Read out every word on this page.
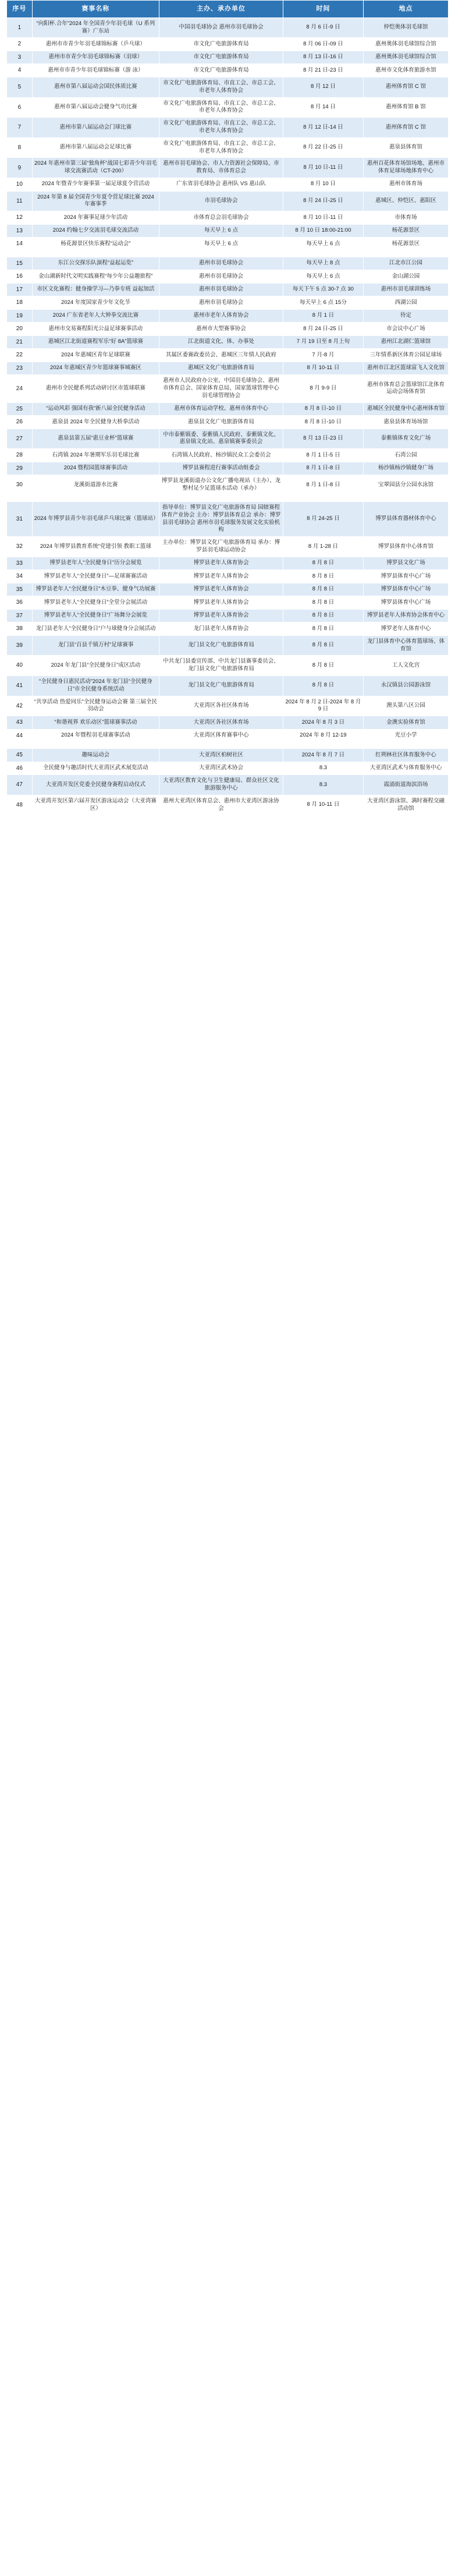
序号	赛事名称	主办、承办单位	时间	地点
1	“向阳杯.合年”2024 年全国青少年羽毛球（U 系列赛）广东站	中国羽毛球协会 惠州市羽毛球协会	8 月 6 日-9 日	仲恺奥体羽毛球馆
2	惠州市市青少年羽毛球锦标赛（乒乓球）	市文化广电旅游体育局	8 月 06 日-09 日	惠州奥体羽毛球馆综合馆
3	惠州市市青少年羽毛球锦标赛（羽球）	市文化广电旅游体育局	8 月 13 日-16 日	惠州奥体羽毛球馆综合馆
4	惠州市市青少年羽毛球锦标赛（游 泳）	市文化广电旅游体育局	8 月 21 日-23 日	惠州市文化体育旅游水馆
5	惠州市第八届运动会国民体质比赛	市文化广电旅游体育局、市直工会、市总工会、市老年人体育协会	8 月 12 日	惠州体育馆 C 馆
6	惠州市第八届运动会健身气功比赛	市文化广电旅游体育局、市直工会、市总工会、市老年人体育协会	8 月 14 日	惠州体育馆 B 馆
7	惠州市第八届运动会门球比赛	市文化广电旅游体育局、市直工会、市总工会、市老年人体育协会	8 月 12 日-14 日	惠州体育馆 C 馆
8	惠州市第八届运动会足球比赛	市文化广电旅游体育局、市直工会、市总工会、市老年人体育协会	8 月 22 日-25 日	惠泉县体育馆
9	2024 年惠州市第三届“独角杯”战国七彩青少年羽毛球交流赛活动（CT-200）	惠州市羽毛球协会、市人力资源社会保障局、市教育局、市体育总会	8 月 10 日-11 日	惠州百花体育场馆场地、惠州市体育足球场地体育中心
10	2024 年暨青少年赛事第一届足球夏令营活动	广东省羽毛球协会 惠州队 VS 惠山队	8 月 10 日	惠州市体育场
11	2024 年第 8 届全国青少年夏令营足球比赛 2024 年赛事季	市羽毛球协会	8 月 24 日-25 日	惠城区、仲恺区、惠阳区
12	2024 年赛事足球少年活动	市体育总会羽毛球协会	8 月 10 日-11 日	市体育场
13	2024 约翰七夕交流羽毛球交流活动	每天早上 6 点	8 月 10 日 18:00-21:00	杨花源景区
14	杨花源景区快乐赛程“运动会”	每天早上 6 点	每天早上 6 点	杨花源景区
15	东江公交探乐队演程“益起运览”	惠州市羽毛球协会	每天早上 8 点	江北市江公园
16	金山湖新时代文明实践赛程“每少年公益趣旅程”	惠州市羽毛球协会	每天早上 6 点	金山湖公园
17	市区文化赛程：健身操学习—乃拳专班 益起加活	惠州市羽毛球协会	每天下午 5 点 30-7 点 30	惠州市羽毛球训练场
18	2024 年度国家青少年文化节	惠州市羽毛球协会	每天早上 6 点 15分	西湖公园
19	2024 广东省老年人大钟拳交流比赛	惠州市老年人体育协会	8 月 1 日	待定
20	惠州市交易赛程阳光公益足球赛事活动	惠州市大型赛事协会	8 月 24 日-25 日	市会议中心广场
21	惠城区江北街道赛程军乐“好 8A”篮球赛	江北街道文化、体、办事处	7 月 19 日至 8 月上旬	惠州江北湖仁篮球馆
22	2024 年惠城区青年足球联赛	其属区委赛政委员会、惠城区三年情人民政府	7 月-8 月	三年情系新区体育公园足球场
23	2024 年惠城区青少年篮球赛事城赛区	惠城区文化广电旅游体育局	8 月 10-11 日	惠州市江北区篮球富飞人文化馆
24	惠州市全民健系列活动研讨区市篮球联赛	惠州市人民政府办公室、中国羽毛球协会、惠州市体育总会、国家体育总局、国家篮球管理中心羽毛球管理协会	8 月 9-9 日	惠州市体育总会篮球馆江北体育运动会场体育馆
25	“运动风彩 强国有我”新八届全民健身活动	惠州市体育运动学校、惠州市体育中心	8 月 8 日-10 日	惠城区全民健身中心惠州体育馆
26	惠泉县 2024 年全民健身大桥拳活动	惠泉县文化广电旅游体育局	8 月 8 日-10 日	惠泉县体育场场馆
27	惠泉县第五届“惠豆业杯”篮球赛	中市泰紫镇委、泰紫镇人民政府、泰紫镇文化、惠泉镇文化站、惠泉镇赛事委员会	8 月 13 日-23 日	泰紫镇体育文化广场
28	石湾镇 2024 年暑期军乐羽毛球比赛	石湾镇人民政府、杨沙镇民众工会委员会	8 月 1 日-5 日	石湾公园
29	2024 暨程园篮球赛事活动	博罗县赛程进行赛事活动组委会	8 月 1 日-8 日	杨沙镇杨沙镇健身广场
30	龙溪街道游水比赛	博罗县龙溪街道办公文化广播电视站（主办）、龙整村足少足篮球水活动（承办）	8 月 1 日-8 日	宝翠园县分公园水泳馆
31	2024 年博罗县青少年羽毛球乒乓球比赛（篮球站）	指导单位：博罗县文化广电旅游体育局 园辖赛程体育产业协会 主办：博罗县体育总会 承办：博罗县羽毛球协会 惠州市羽毛球服务发展文化实验机构	8 月 24-25 日	博罗县体育器材体育中心
32	2024 年博罗县教育系统“党建引领 教职工篮球	主办单位：博罗县文化广电旅游体育局 承办：博罗县羽毛球运动协会	8 月 1-28 日	博罗县体育中心体育馆
33	博罗县老年人“全民健身日”历分会展览	博罗县老年人体育协会	8 月 8 日	博罗县文化广场
34	博罗县老年人“全民健身日”—足球赛赛活动	博罗县老年人体育协会	8 月 8 日	博罗县体育中心广场
35	博罗县老年人“全民健身日”木豆拳、健身气功展赛	博罗县老年人体育协会	8 月 8 日	博罗县体育中心广场
36	博罗县老年人“全民健身日”全堂分会展活动	博罗县老年人体育协会	8 月 8 日	博罗县体育中心广场
37	博罗县老年人“全民健身日”广场舞分会展览	博罗县老年人体育协会	8 月 8 日	博罗县老年人体育协会体育中心
38	龙门县老年人“全民健身日”户与球健身分会展活动	龙门县老年人体育协会	8 月 8 日	博罗老年人体育中心
39	龙门县“百县千镇万村”足球赛事	龙门县文化广电旅游体育局	8 月 8 日	龙门县体育中心体育篮球场、体育馆
40	2024 年龙门县“全民健身日”成区活动	中共龙门县委宣传部、中共龙门县赛事委员会、龙门县文化广电旅游体育局	8 月 8 日	工人文化宫
41	“全民健身日惠民活动”2024 年龙门县“全民健身日”市全民健身系统活动	龙门县文化广电旅游体育局	8 月 8 日	永汉镇县公园游泳馆
42	“共享活动 热爱同乐”全民健身运动会赛 第三届全民羽动会	大亚湾区各社区体育场	2024 年 8 月 2 日-2024 年 8 月 9 日	澳头第八区公园
43	“和谐视界 欢乐动区”篮球赛事活动	大亚湾区各社区体育场	2024 年 8 月 3 日	金澳实验体育馆
44	2024 年暨程羽毛球赛事活动	大亚湾区体育赛事中心	2024 年 8 月 12-19	光豆小学
45	趣味运动会	大亚湾区柏树社区	2024 年 8 月 7 日	红朔林社区体育服务中心
46	全民健身与趣活时代大亚湾区武术展览活动	大亚湾区武术协会	8.3	大亚湾区武术与体育服务中心
47	大亚湾开发区党委全民健身赛程启动仪式	大亚湾区教育文化与卫生健康局、群众社区文化旅游服务中心	8.3	霞涌街道海滨浴场
48	大亚湾开发区第六届开发区游泳运动会（大亚湾赛区）	惠州大亚湾区体育总会、惠州市大亚湾区游泳协会	8 月 10-11 日	大亚湾区游泳馆、满时赛程交融活动馆
